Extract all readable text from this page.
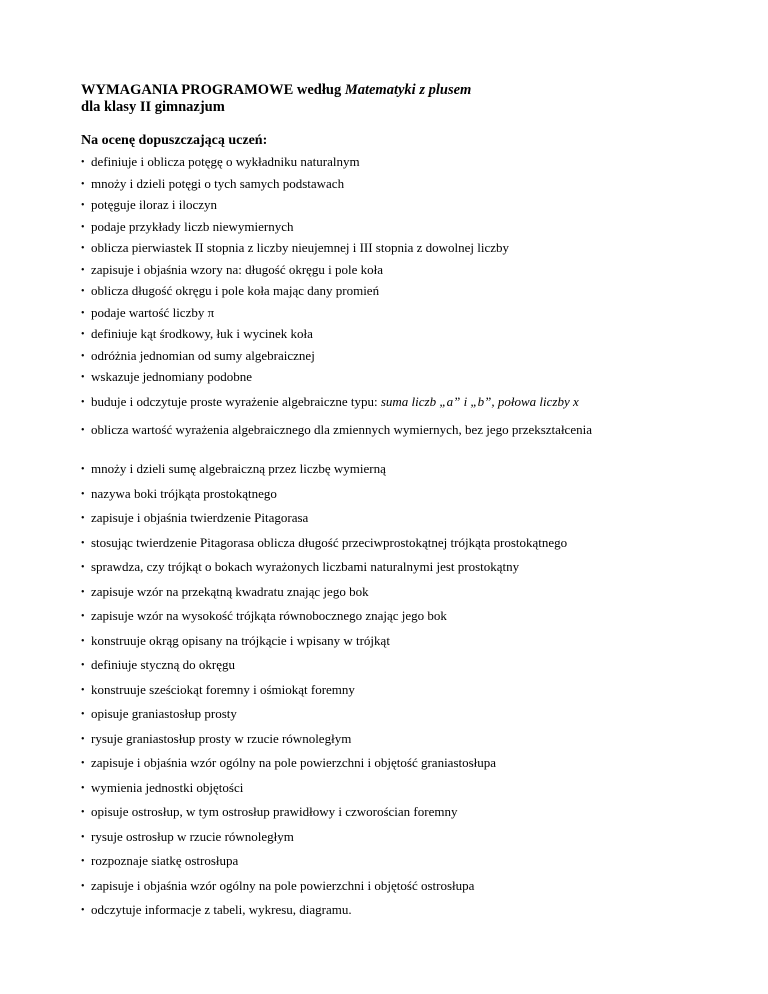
WYMAGANIA PROGRAMOWE według Matematyki z plusem
dla klasy II gimnazjum
Na ocenę dopuszczającą uczeń:
• definiuje i oblicza potęgę o wykładniku naturalnym
• mnoży i dzieli potęgi o tych samych podstawach
• potęguje iloraz i iloczyn
• podaje przykłady liczb niewymiernych
• oblicza pierwiastek II stopnia z liczby nieujemnej i III stopnia z dowolnej liczby
• zapisuje i objaśnia wzory na: długość okręgu i pole koła
• oblicza długość okręgu i pole koła mając dany promień
• podaje wartość liczby π
• definiuje kąt środkowy, łuk i wycinek koła
• odróżnia jednomian od sumy algebraicznej
• wskazuje jednomiany podobne
• buduje i odczytuje proste wyrażenie algebraiczne typu: suma liczb „a” i „b”, połowa liczby x
• oblicza wartość wyrażenia algebraicznego dla zmiennych wymiernych, bez jego przekształcenia
• mnoży i dzieli sumę algebraiczną przez liczbę wymierną
• nazywa boki trójkąta prostokątnego
• zapisuje i objaśnia twierdzenie Pitagorasa
• stosując twierdzenie Pitagorasa oblicza długość przeciwprostokątnej trójkąta prostokątnego
• sprawdza, czy trójkąt o bokach wyrażonych liczbami naturalnymi jest prostokątny
• zapisuje wzór na przekątną kwadratu znając jego bok
• zapisuje wzór na wysokość trójkąta równobocznego znając jego bok
• konstruuje okrąg opisany na trójkącie i wpisany w trójkąt
• definiuje styczną do okręgu
• konstruuje sześciokąt foremny i ośmiokąt foremny
• opisuje graniastosłup prosty
• rysuje graniastosłup prosty w rzucie równoległym
• zapisuje i objaśnia wzór ogólny na pole powierzchni i objętość graniastosłupa
• wymienia jednostki objętości
• opisuje ostrosłup, w tym ostrosłup prawidłowy i czworościan foremny
• rysuje ostrosłup w rzucie równoległym
• rozpoznaje siatkę ostrosłupa
• zapisuje i objaśnia wzór ogólny na pole powierzchni i objętość ostrosłupa
• odczytuje informacje z tabeli, wykresu, diagramu.
